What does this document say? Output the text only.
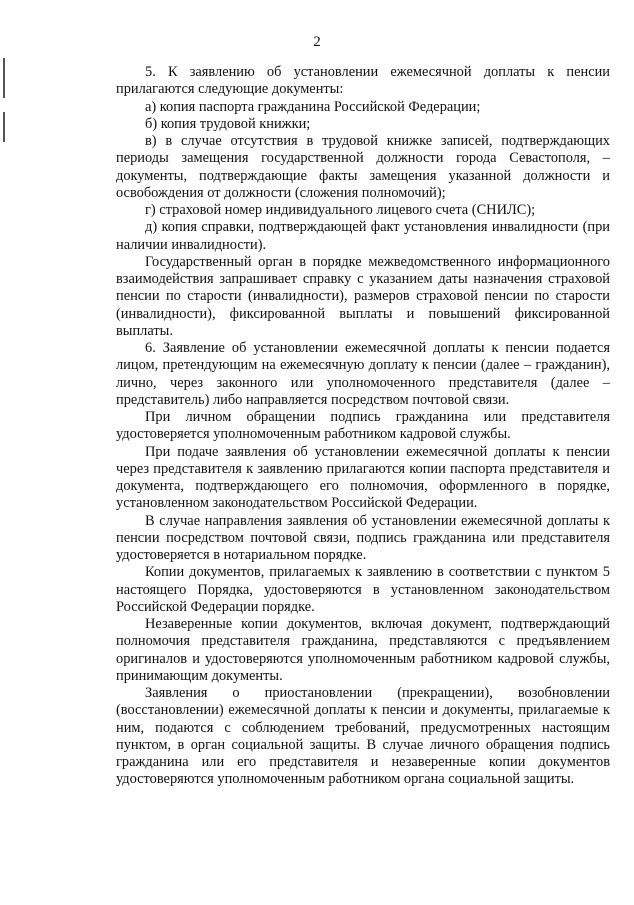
2

5. К заявлению об установлении ежемесячной доплаты к пенсии прилагаются следующие документы:

а) копия паспорта гражданина Российской Федерации;

б) копия трудовой книжки;

в) в случае отсутствия в трудовой книжке записей, подтверждающих периоды замещения государственной должности города Севастополя, – документы, подтверждающие факты замещения указанной должности и освобождения от должности (сложения полномочий);

г) страховой номер индивидуального лицевого счета (СНИЛС);

д) копия справки, подтверждающей факт установления инвалидности (при наличии инвалидности).

Государственный орган в порядке межведомственного информационного взаимодействия запрашивает справку с указанием даты назначения страховой пенсии по старости (инвалидности), размеров страховой пенсии по старости (инвалидности), фиксированной выплаты и повышений фиксированной выплаты.

6. Заявление об установлении ежемесячной доплаты к пенсии подается лицом, претендующим на ежемесячную доплату к пенсии (далее – гражданин), лично, через законного или уполномоченного представителя (далее – представитель) либо направляется посредством почтовой связи.

При личном обращении подпись гражданина или представителя удостоверяется уполномоченным работником кадровой службы.

При подаче заявления об установлении ежемесячной доплаты к пенсии через представителя к заявлению прилагаются копии паспорта представителя и документа, подтверждающего его полномочия, оформленного в порядке, установленном законодательством Российской Федерации.

В случае направления заявления об установлении ежемесячной доплаты к пенсии посредством почтовой связи, подпись гражданина или представителя удостоверяется в нотариальном порядке.

Копии документов, прилагаемых к заявлению в соответствии с пунктом 5 настоящего Порядка, удостоверяются в установленном законодательством Российской Федерации порядке.

Незаверенные копии документов, включая документ, подтверждающий полномочия представителя гражданина, представляются с предъявлением оригиналов и удостоверяются уполномоченным работником кадровой службы, принимающим документы.

Заявления о приостановлении (прекращении), возобновлении (восстановлении) ежемесячной доплаты к пенсии и документы, прилагаемые к ним, подаются с соблюдением требований, предусмотренных настоящим пунктом, в орган социальной защиты. В случае личного обращения подпись гражданина или его представителя и незаверенные копии документов удостоверяются уполномоченным работником органа социальной защиты.
